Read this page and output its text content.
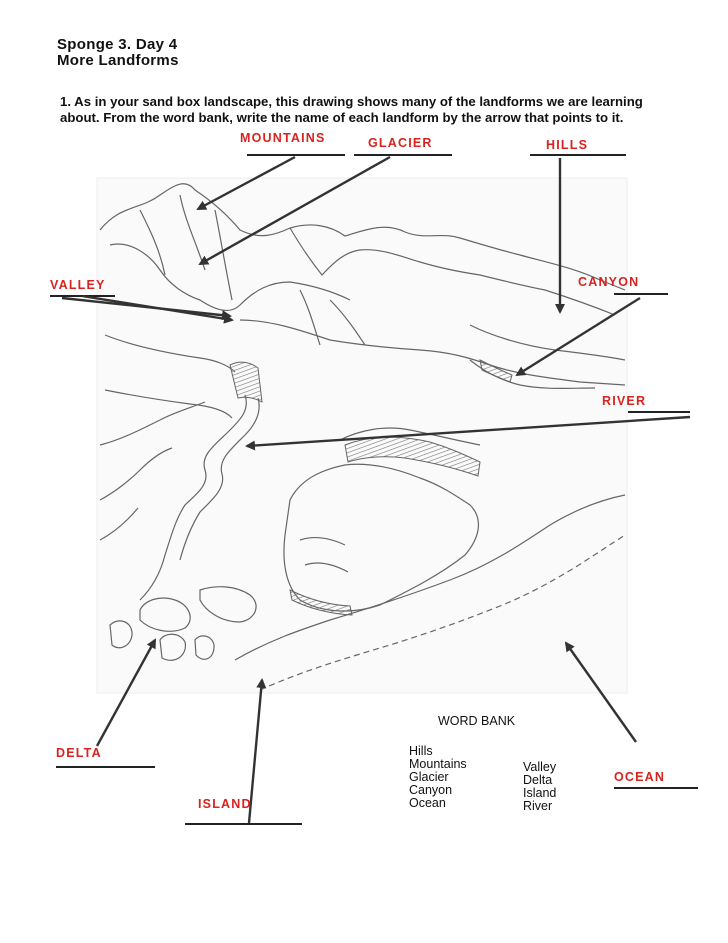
Sponge 3. Day 4
More Landforms
1. As in your sand box landscape, this drawing shows many of the landforms we are learning about. From the word bank, write the name of each landform by the arrow that points to it.
MOUNTAINS	GLACIER	HILLS
VALLEY	CANYON
RIVER
DELTA
ISLAND
OCEAN
WORD BANK
Hills
Mountains
Glacier
Canyon
Ocean
Valley
Delta
Island
River
